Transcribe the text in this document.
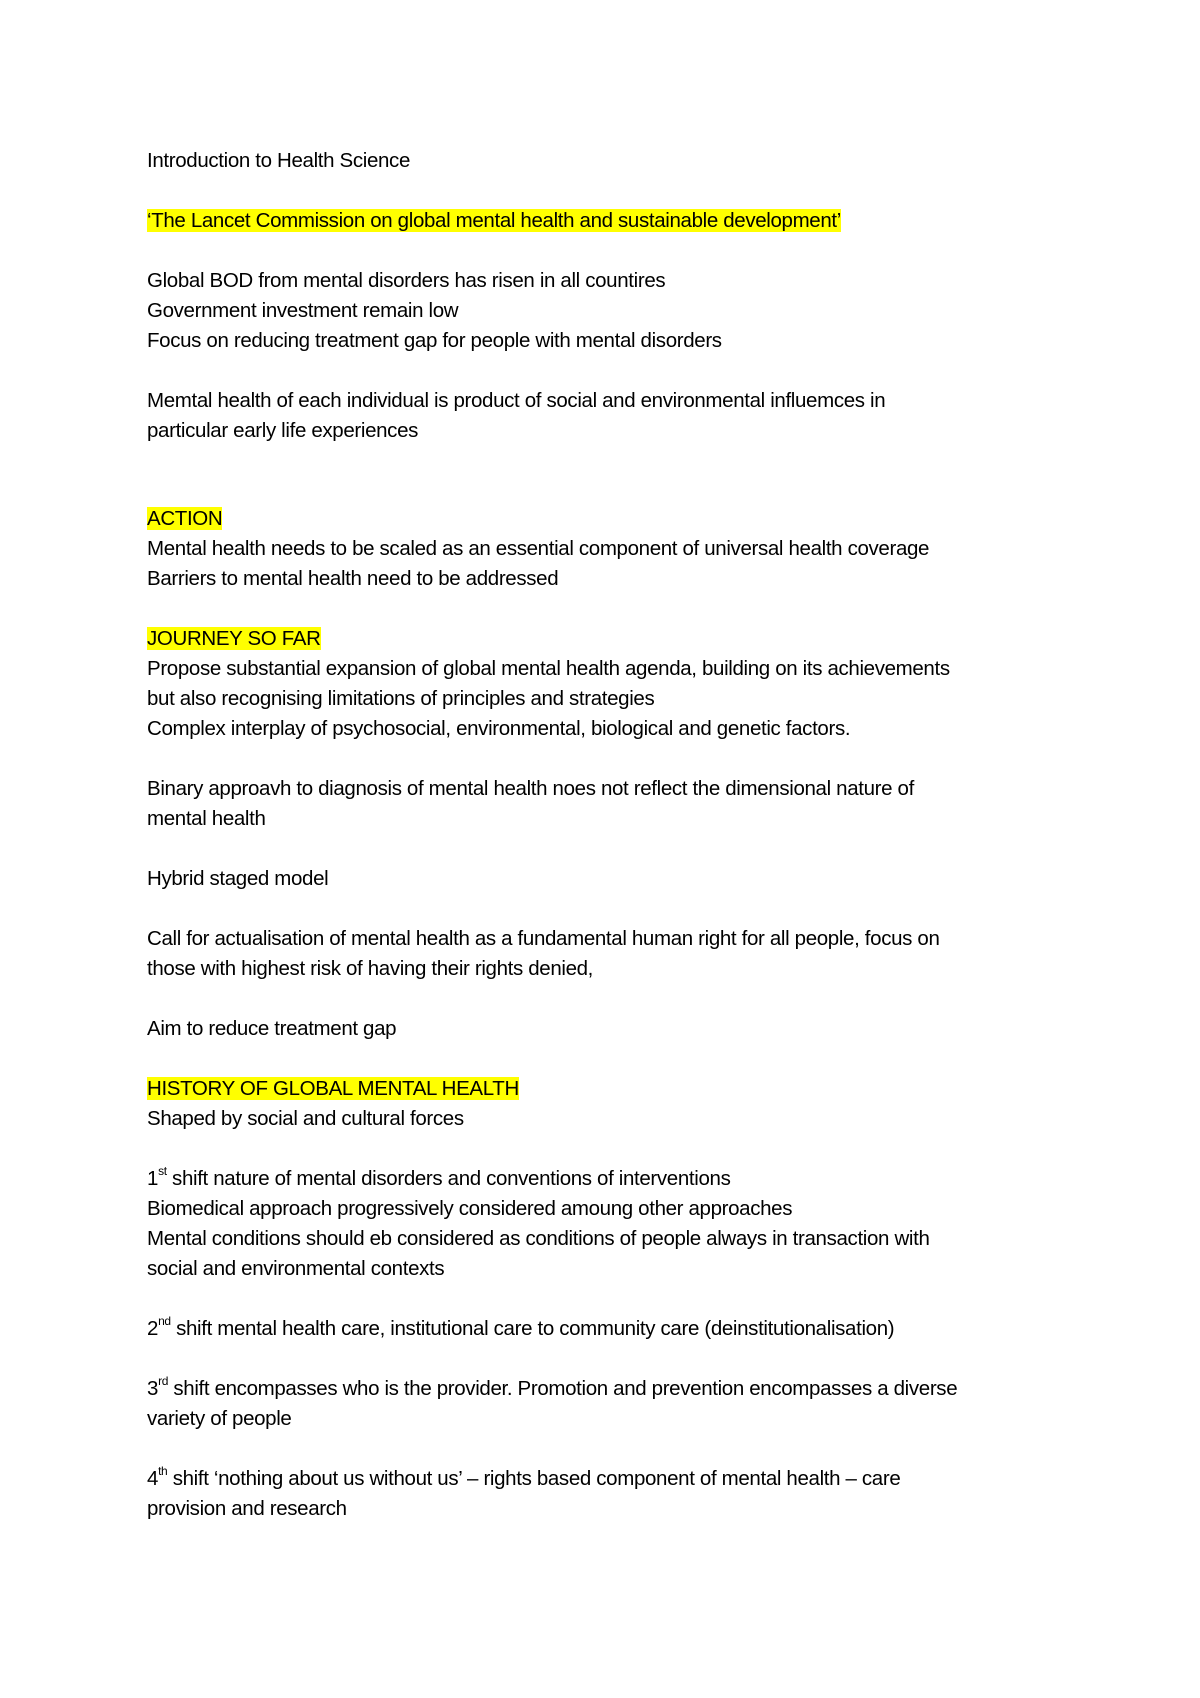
Introduction to Health Science
‘The Lancet Commission on global mental health and sustainable development’
Global BOD from mental disorders has risen in all countires
Government investment remain low
Focus on reducing treatment gap for people with mental disorders
Memtal health of each individual is product of social and environmental influemces in
particular early life experiences
ACTION
Mental health needs to be scaled as an essential component of universal health coverage
Barriers to mental health need to be addressed
JOURNEY SO FAR
Propose substantial expansion of global mental health agenda, building on its achievements
but also recognising limitations of principles and strategies
Complex interplay of psychosocial, environmental, biological and genetic factors.
Binary approavh to diagnosis of mental health noes not reflect the dimensional nature of
mental health
Hybrid staged model
Call for actualisation of mental health as a fundamental human right for all people, focus on
those with highest risk of having their rights denied,
Aim to reduce treatment gap
HISTORY OF GLOBAL MENTAL HEALTH
Shaped by social and cultural forces
1st shift nature of mental disorders and conventions of interventions
Biomedical approach progressively considered amoung other approaches
Mental conditions should eb considered as conditions of people always in transaction with
social and environmental contexts
2nd shift mental health care, institutional care to community care (deinstitutionalisation)
3rd shift encompasses who is the provider. Promotion and prevention encompasses a diverse
variety of people
4th shift ‘nothing about us without us’ – rights based component of mental health – care
provision and research
